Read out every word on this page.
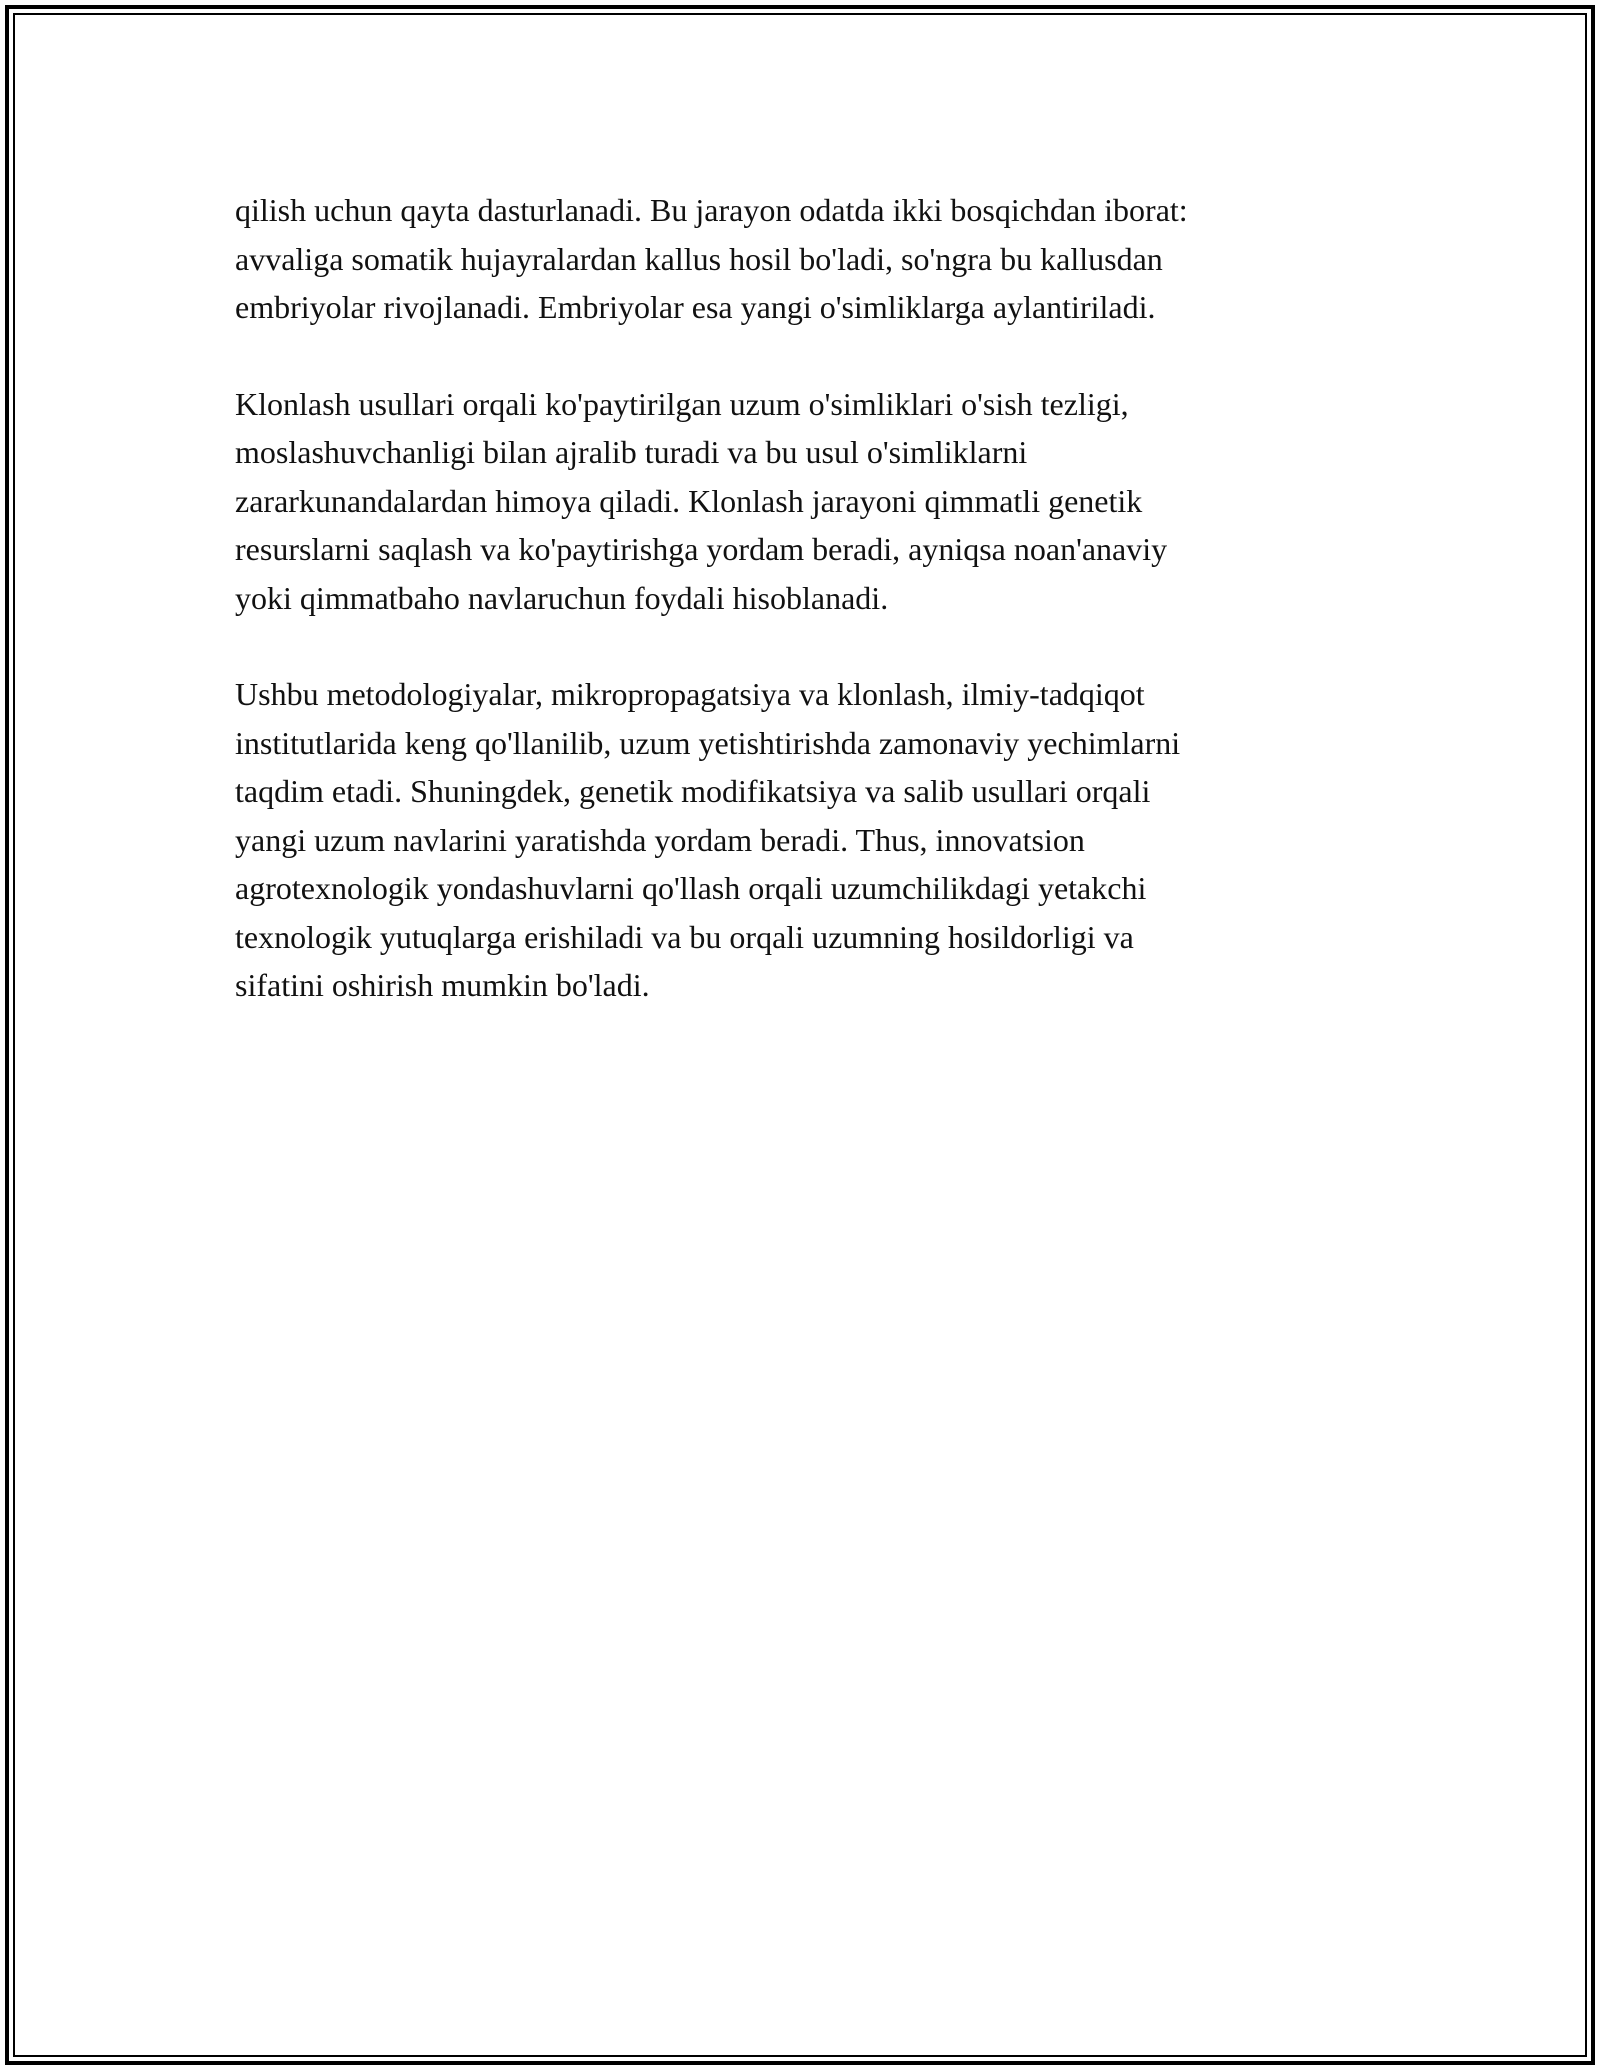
qilish uchun qayta dasturlanadi. Bu jarayon odatda ikki bosqichdan iborat:
avvaliga somatik hujayralardan kallus hosil bo'ladi, so'ngra bu kallusdan
embriyolar rivojlanadi. Embriyolar esa yangi o'simliklarga aylantiriladi.

Klonlash usullari orqali ko'paytirilgan uzum o'simliklari o'sish tezligi,
moslashuvchanligi bilan ajralib turadi va bu usul o'simliklarni
zararkunandalardan himoya qiladi. Klonlash jarayoni qimmatli genetik
resurslarni saqlash va ko'paytirishga yordam beradi, ayniqsa noan'anaviy
yoki qimmatbaho navlaruchun foydali hisoblanadi.

Ushbu metodologiyalar, mikropropagatsiya va klonlash, ilmiy-tadqiqot
institutlarida keng qo'llanilib, uzum yetishtirishda zamonaviy yechimlarni
taqdim etadi. Shuningdek, genetik modifikatsiya va salib usullari orqali
yangi uzum navlarini yaratishda yordam beradi. Thus, innovatsion
agrotexnologik yondashuvlarni qo'llash orqali uzumchilikdagi yetakchi
texnologik yutuqlarga erishiladi va bu orqali uzumning hosildorligi va
sifatini oshirish mumkin bo'ladi.
